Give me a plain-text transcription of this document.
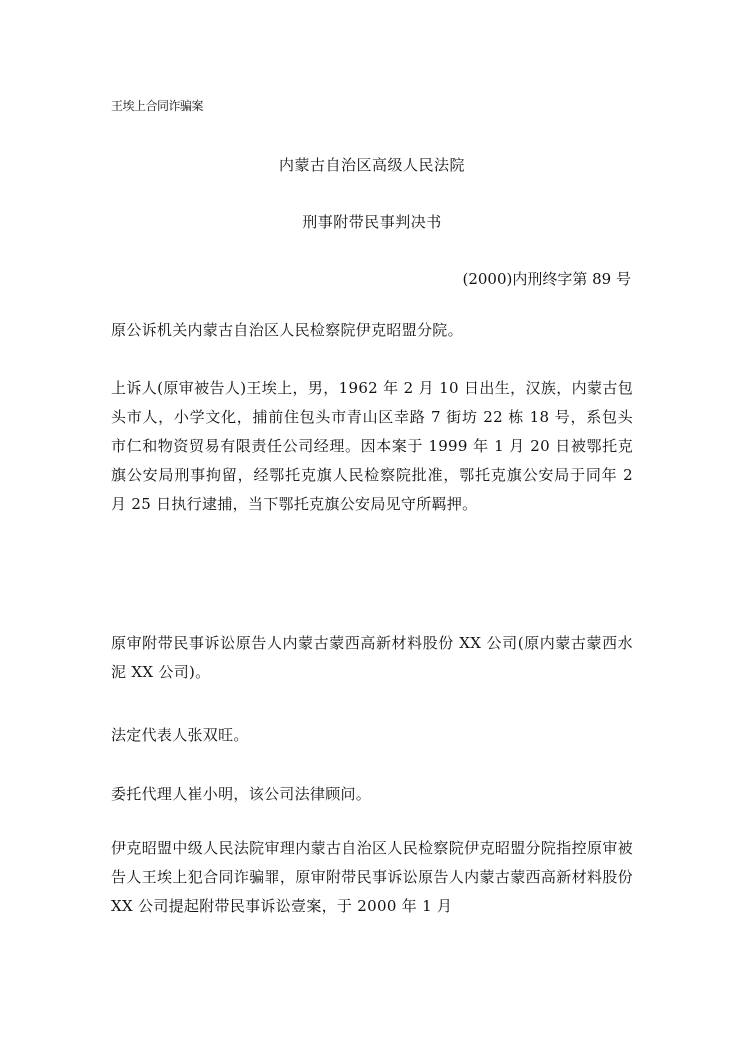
王埃上合同诈骗案
内蒙古自治区高级人民法院
刑事附带民事判决书
(2000)内刑终字第 89 号

原公诉机关内蒙古自治区人民检察院伊克昭盟分院。

上诉人(原审被告人)王埃上，男，1962 年 2 月 10 日出生，汉族，内蒙古包头市人，小学文化，捕前住包头市青山区幸路 7 街坊 22 栋 18 号，系包头市仁和物资贸易有限责任公司经理。因本案于 1999 年 1 月 20 日被鄂托克旗公安局刑事拘留，经鄂托克旗人民检察院批准，鄂托克旗公安局于同年 2 月 25 日执行逮捕，当下鄂托克旗公安局见守所羁押。

原审附带民事诉讼原告人内蒙古蒙西高新材料股份 XX 公司(原内蒙古蒙西水泥 XX 公司)。

法定代表人张双旺。

委托代理人崔小明，该公司法律顾问。

伊克昭盟中级人民法院审理内蒙古自治区人民检察院伊克昭盟分院指控原审被告人王埃上犯合同诈骗罪，原审附带民事诉讼原告人内蒙古蒙西高新材料股份 XX 公司提起附带民事诉讼壹案，于 2000 年 1 月
